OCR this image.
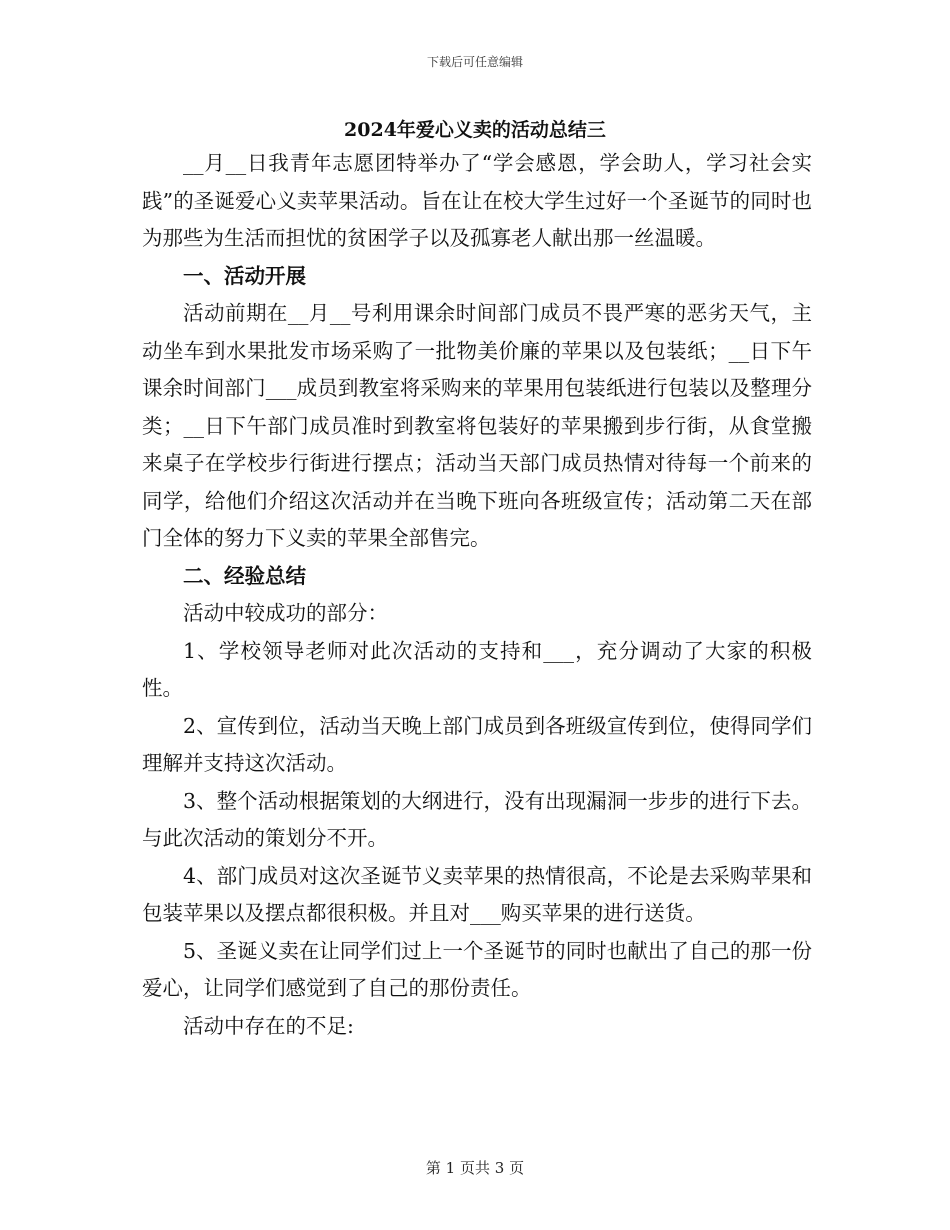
下载后可任意编辑
2024年爱心义卖的活动总结三

__月__日我青年志愿团特举办了“学会感恩，学会助人，学习社会实践”的圣诞爱心义卖苹果活动。旨在让在校大学生过好一个圣诞节的同时也为那些为生活而担忧的贫困学子以及孤寡老人献出那一丝温暖。

一、活动开展

活动前期在__月__号利用课余时间部门成员不畏严寒的恶劣天气，主动坐车到水果批发市场采购了一批物美价廉的苹果以及包装纸；__日下午课余时间部门___成员到教室将采购来的苹果用包装纸进行包装以及整理分类；__日下午部门成员准时到教室将包装好的苹果搬到步行街，从食堂搬来桌子在学校步行街进行摆点；活动当天部门成员热情对待每一个前来的同学，给他们介绍这次活动并在当晚下班向各班级宣传；活动第二天在部门全体的努力下义卖的苹果全部售完。

二、经验总结

活动中较成功的部分：

1、学校领导老师对此次活动的支持和___，充分调动了大家的积极性。

2、宣传到位，活动当天晚上部门成员到各班级宣传到位，使得同学们理解并支持这次活动。

3、整个活动根据策划的大纲进行，没有出现漏洞一步步的进行下去。与此次活动的策划分不开。

4、部门成员对这次圣诞节义卖苹果的热情很高，不论是去采购苹果和包装苹果以及摆点都很积极。并且对___购买苹果的进行送货。

5、圣诞义卖在让同学们过上一个圣诞节的同时也献出了自己的那一份爱心，让同学们感觉到了自己的那份责任。

活动中存在的不足:

第 1 页共 3 页
